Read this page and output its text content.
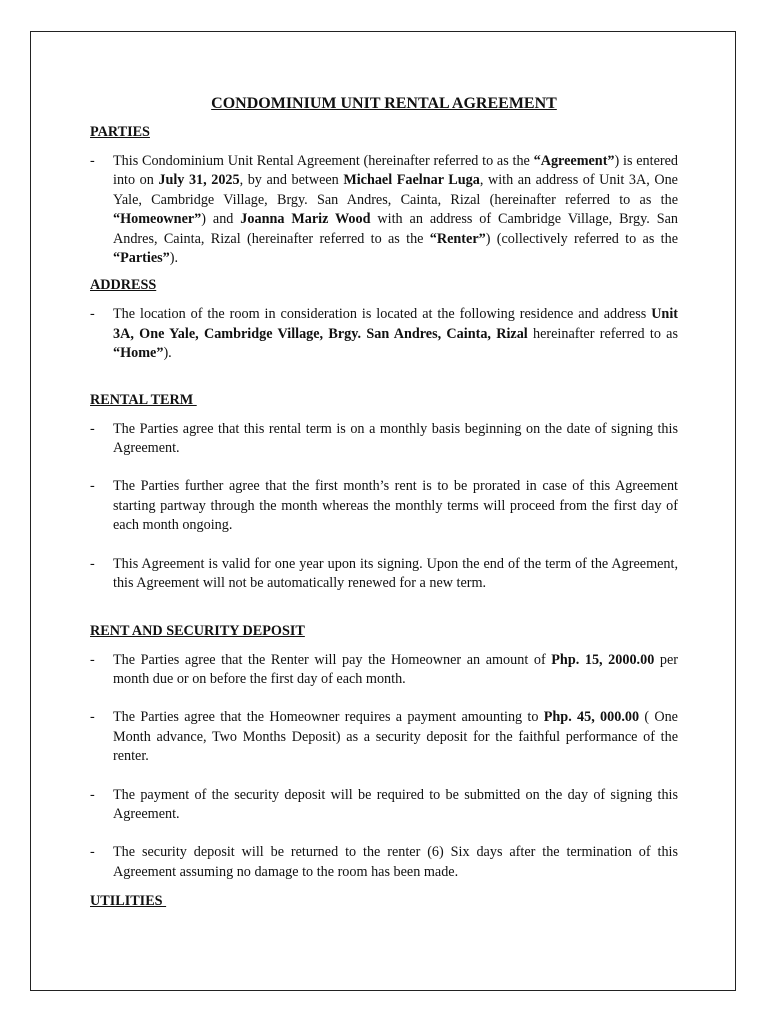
CONDOMINIUM UNIT RENTAL AGREEMENT

PARTIES

- This Condominium Unit Rental Agreement (hereinafter referred to as the “Agreement”) is entered into on July 31, 2025, by and between Michael Faelnar Luga, with an address of Unit 3A, One Yale, Cambridge Village, Brgy. San Andres, Cainta, Rizal (hereinafter referred to as the “Homeowner”) and Joanna Mariz Wood with an address of Cambridge Village, Brgy. San Andres, Cainta, Rizal (hereinafter referred to as the “Renter”) (collectively referred to as the “Parties”).

ADDRESS

- The location of the room in consideration is located at the following residence and address Unit 3A, One Yale, Cambridge Village, Brgy. San Andres, Cainta, Rizal hereinafter referred to as “Home”).

RENTAL TERM

- The Parties agree that this rental term is on a monthly basis beginning on the date of signing this Agreement.
- The Parties further agree that the first month’s rent is to be prorated in case of this Agreement starting partway through the month whereas the monthly terms will proceed from the first day of each month ongoing.
- This Agreement is valid for one year upon its signing. Upon the end of the term of the Agreement, this Agreement will not be automatically renewed for a new term.

RENT AND SECURITY DEPOSIT

- The Parties agree that the Renter will pay the Homeowner an amount of Php. 15, 2000.00 per month due or on before the first day of each month.
- The Parties agree that the Homeowner requires a payment amounting to Php. 45, 000.00 ( One Month advance, Two Months Deposit) as a security deposit for the faithful performance of the renter.
- The payment of the security deposit will be required to be submitted on the day of signing this Agreement.
- The security deposit will be returned to the renter (6) Six days after the termination of this Agreement assuming no damage to the room has been made.

UTILITIES
